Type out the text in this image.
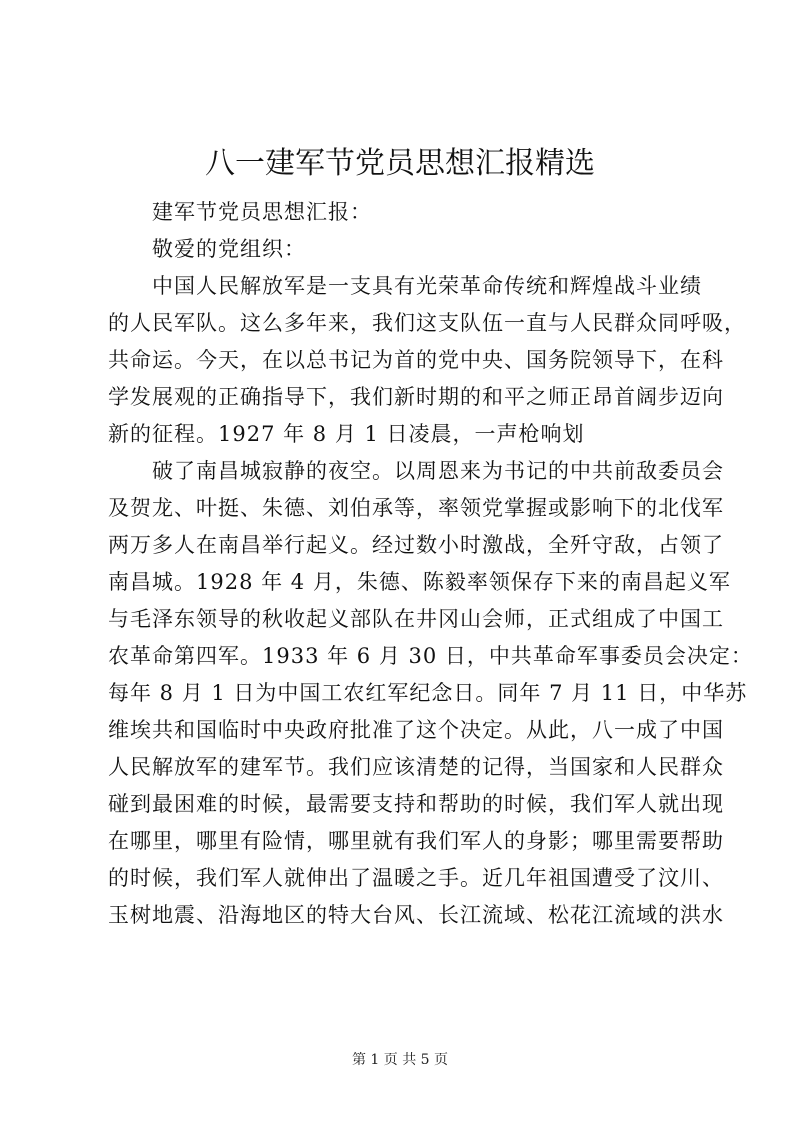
八一建军节党员思想汇报精选
建军节党员思想汇报：
敬爱的党组织：
中国人民解放军是一支具有光荣革命传统和辉煌战斗业绩
的人民军队。这么多年来，我们这支队伍一直与人民群众同呼吸，
共命运。今天，在以总书记为首的党中央、国务院领导下，在科
学发展观的正确指导下，我们新时期的和平之师正昂首阔步迈向
新的征程。1927 年 8 月 1 日凌晨，一声枪响划
破了南昌城寂静的夜空。以周恩来为书记的中共前敌委员会
及贺龙、叶挺、朱德、刘伯承等，率领党掌握或影响下的北伐军
两万多人在南昌举行起义。经过数小时激战，全歼守敌，占领了
南昌城。1928 年 4 月，朱德、陈毅率领保存下来的南昌起义军
与毛泽东领导的秋收起义部队在井冈山会师，正式组成了中国工
农革命第四军。1933 年 6 月 30 日，中共革命军事委员会决定：
每年 8 月 1 日为中国工农红军纪念日。同年 7 月 11 日，中华苏
维埃共和国临时中央政府批准了这个决定。从此，八一成了中国
人民解放军的建军节。我们应该清楚的记得，当国家和人民群众
碰到最困难的时候，最需要支持和帮助的时候，我们军人就出现
在哪里，哪里有险情，哪里就有我们军人的身影；哪里需要帮助
的时候，我们军人就伸出了温暖之手。近几年祖国遭受了汶川、
玉树地震、沿海地区的特大台风、长江流域、松花江流域的洪水
第 1 页 共 5 页
